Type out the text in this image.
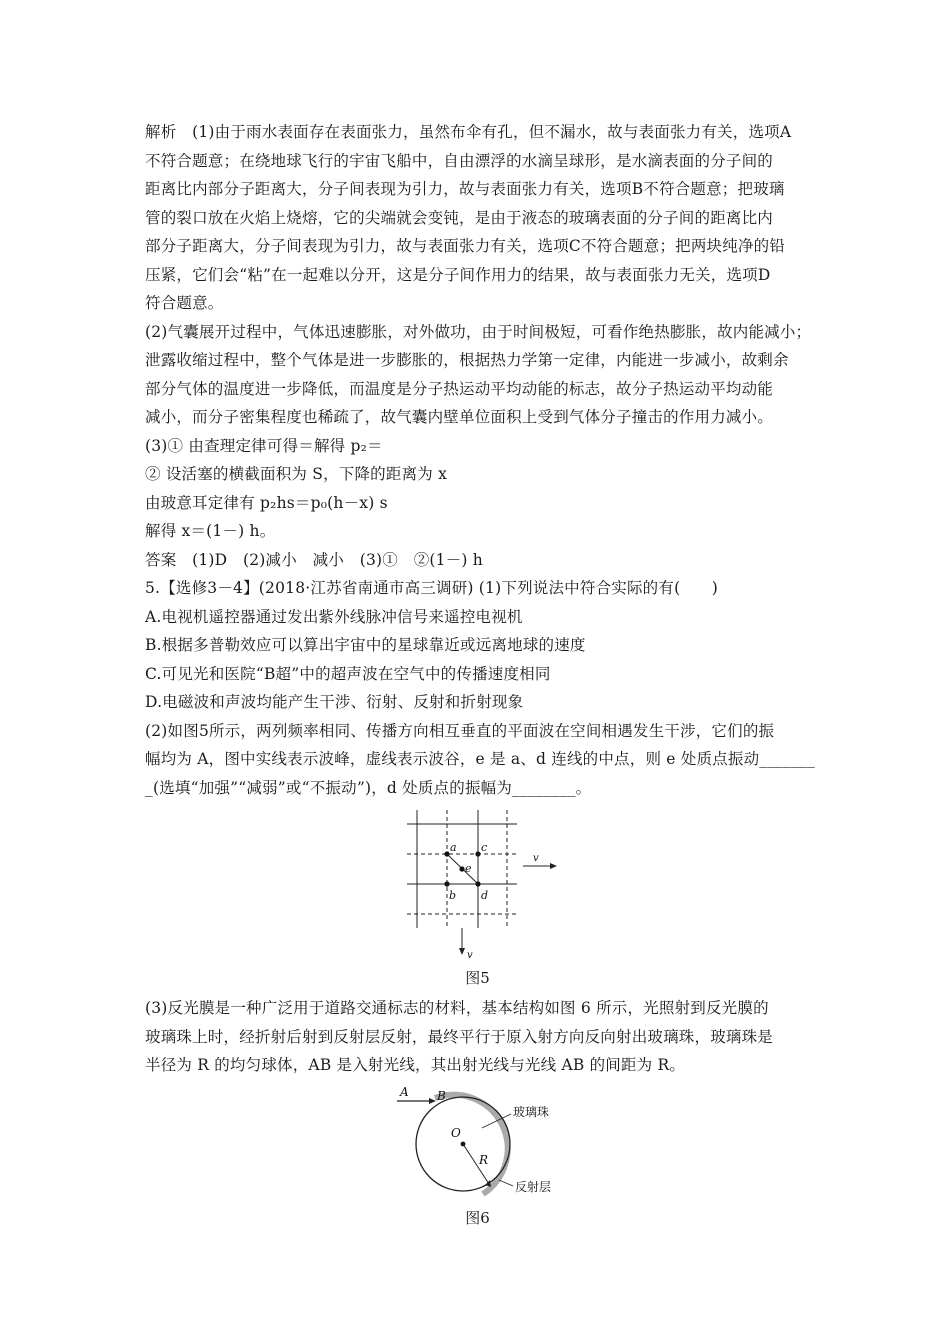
解析　(1)由于雨水表面存在表面张力，虽然布伞有孔，但不漏水，故与表面张力有关，选项A
不符合题意；在绕地球飞行的宇宙飞船中，自由漂浮的水滴呈球形，是水滴表面的分子间的
距离比内部分子距离大，分子间表现为引力，故与表面张力有关，选项B不符合题意；把玻璃
管的裂口放在火焰上烧熔，它的尖端就会变钝，是由于液态的玻璃表面的分子间的距离比内
部分子距离大，分子间表现为引力，故与表面张力有关，选项C不符合题意；把两块纯净的铅
压紧，它们会“粘”在一起难以分开，这是分子间作用力的结果，故与表面张力无关，选项D
符合题意。
(2)气囊展开过程中，气体迅速膨胀，对外做功，由于时间极短，可看作绝热膨胀，故内能减小；
泄露收缩过程中，整个气体是进一步膨胀的，根据热力学第一定律，内能进一步减小，故剩余
部分气体的温度进一步降低，而温度是分子热运动平均动能的标志，故分子热运动平均动能
减小，而分子密集程度也稀疏了，故气囊内壁单位面积上受到气体分子撞击的作用力减小。
(3)① 由查理定律可得＝解得 p₂＝
② 设活塞的横截面积为 S，下降的距离为 x
由玻意耳定律有 p₂hs＝p₀(h－x) s
解得 x＝(1－) h。
答案　(1)D　(2)减小　减小　(3)①　②(1－) h
5.【选修3－4】(2018·江苏省南通市高三调研) (1)下列说法中符合实际的有(　　)
A.电视机遥控器通过发出紫外线脉冲信号来遥控电视机
B.根据多普勒效应可以算出宇宙中的星球靠近或远离地球的速度
C.可见光和医院“B超”中的超声波在空气中的传播速度相同
D.电磁波和声波均能产生干涉、衍射、反射和折射现象
(2)如图5所示，两列频率相同、传播方向相互垂直的平面波在空间相遇发生干涉，它们的振
幅均为 A，图中实线表示波峰，虚线表示波谷，e 是 a、d 连线的中点，则 e 处质点振动_______
_(选填“加强”“减弱”或“不振动”)，d 处质点的振幅为________。
a c
e
b d
v
v
图5
(3)反光膜是一种广泛用于道路交通标志的材料，基本结构如图 6 所示，光照射到反光膜的
玻璃珠上时，经折射后射到反射层反射，最终平行于原入射方向反向射出玻璃珠，玻璃珠是
半径为 R 的均匀球体，AB 是入射光线，其出射光线与光线 AB 的间距为 R。
A B
O
R
玻璃珠
反射层
图6
